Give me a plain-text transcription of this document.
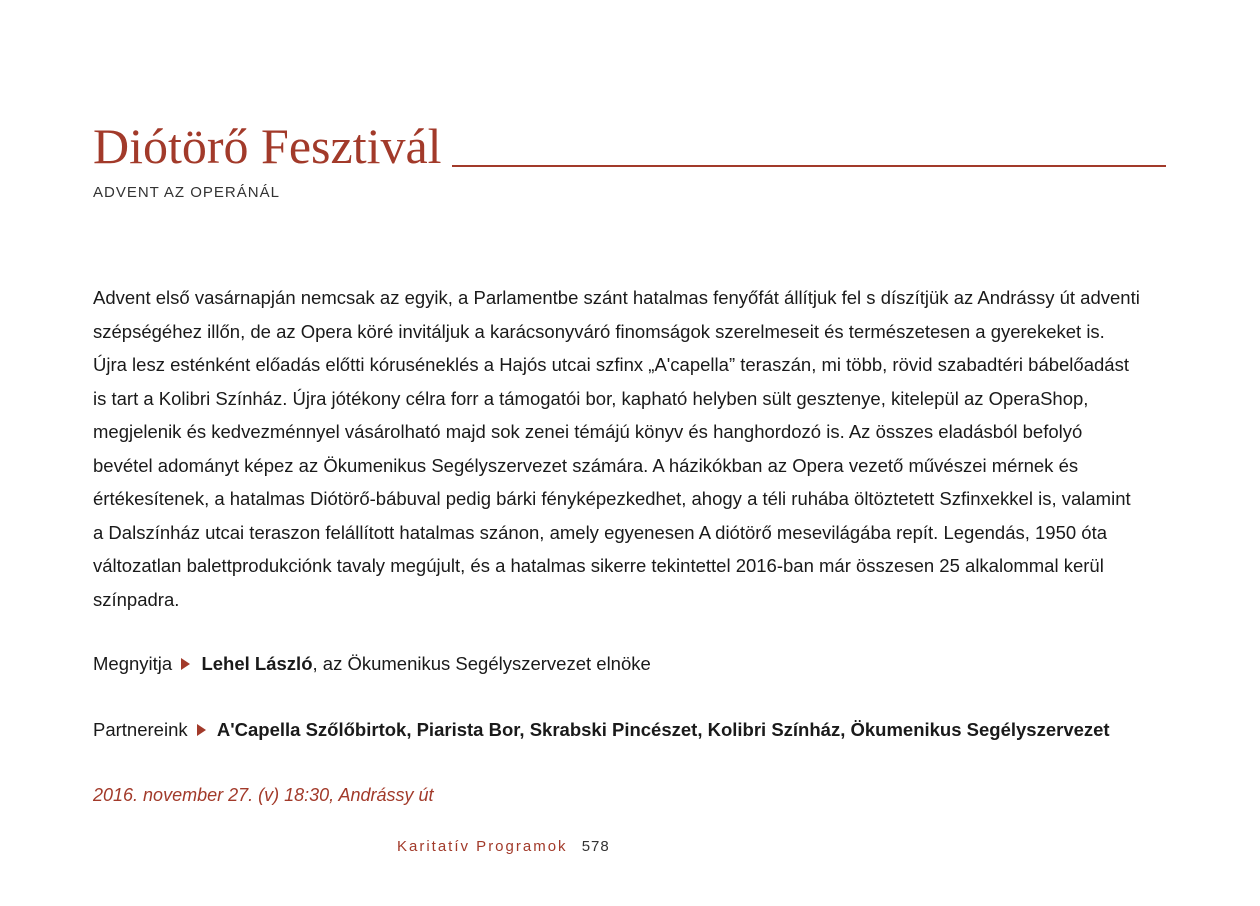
Diótörő Fesztivál

ADVENT AZ OPERÁNÁL

Advent első vasárnapján nemcsak az egyik, a Parlamentbe szánt hatalmas fenyőfát állítjuk fel s díszítjük az Andrássy út adventi szépségéhez illőn, de az Opera köré invitáljuk a karácsonyváró finomságok szerelmeseit és természetesen a gyerekeket is. Újra lesz esténként előadás előtti kóruséneklés a Hajós utcai szfinx „A'capella” teraszán, mi több, rövid szabadtéri bábelőadást is tart a Kolibri Színház. Újra jótékony célra forr a támogatói bor, kapható helyben sült gesztenye, kitelepül az OperaShop, megjelenik és kedvezménnyel vásárolható majd sok zenei témájú könyv és hanghordozó is. Az összes eladásból befolyó bevétel adományt képez az Ökumenikus Segélyszervezet számára. A házikókban az Opera vezető művészei mérnek és értékesítenek, a hatalmas Diótörő-bábuval pedig bárki fényképezkedhet, ahogy a téli ruhába öltöztetett Szfinxekkel is, valamint a Dalszínház utcai teraszon felállított hatalmas szánon, amely egyenesen A diótörő mesevilágába repít. Legendás, 1950 óta változatlan balettprodukciónk tavaly megújult, és a hatalmas sikerre tekintettel 2016-ban már összesen 25 alkalommal kerül színpadra.

Megnyitja Lehel László, az Ökumenikus Segélyszervezet elnöke

Partnereink A'Capella Szőlőbirtok, Piarista Bor, Skrabski Pincészet, Kolibri Színház, Ökumenikus Segélyszervezet

2016. november 27. (v) 18:30, Andrássy út

Karitatív Programok 578
